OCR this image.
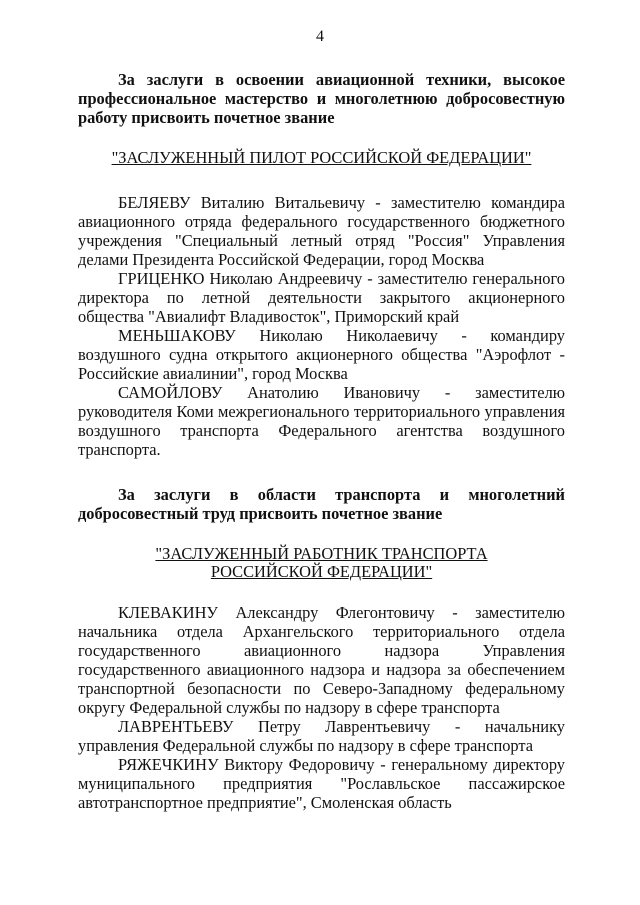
4

За заслуги в освоении авиационной техники, высокое профессиональное мастерство и многолетнюю добросовестную работу присвоить почетное звание

"ЗАСЛУЖЕННЫЙ ПИЛОТ РОССИЙСКОЙ ФЕДЕРАЦИИ"

БЕЛЯЕВУ Виталию Витальевичу - заместителю командира авиационного отряда федерального государственного бюджетного учреждения "Специальный летный отряд "Россия" Управления делами Президента Российской Федерации, город Москва

ГРИЦЕНКО Николаю Андреевичу - заместителю генерального директора по летной деятельности закрытого акционерного общества "Авиалифт Владивосток", Приморский край

МЕНЬШАКОВУ Николаю Николаевичу - командиру воздушного судна открытого акционерного общества "Аэрофлот - Российские авиалинии", город Москва

САМОЙЛОВУ Анатолию Ивановичу - заместителю руководителя Коми межрегионального территориального управления воздушного транспорта Федерального агентства воздушного транспорта.

За заслуги в области транспорта и многолетний добросовестный труд присвоить почетное звание

"ЗАСЛУЖЕННЫЙ РАБОТНИК ТРАНСПОРТА

РОССИЙСКОЙ ФЕДЕРАЦИИ"

КЛЕВАКИНУ Александру Флегонтовичу - заместителю начальника отдела Архангельского территориального отдела государственного авиационного надзора Управления государственного авиационного надзора и надзора за обеспечением транспортной безопасности по Северо-Западному федеральному округу Федеральной службы по надзору в сфере транспорта

ЛАВРЕНТЬЕВУ Петру Лаврентьевичу - начальнику управления Федеральной службы по надзору в сфере транспорта

РЯЖЕЧКИНУ Виктору Федоровичу - генеральному директору муниципального предприятия "Рославльское пассажирское автотранспортное предприятие", Смоленская область
